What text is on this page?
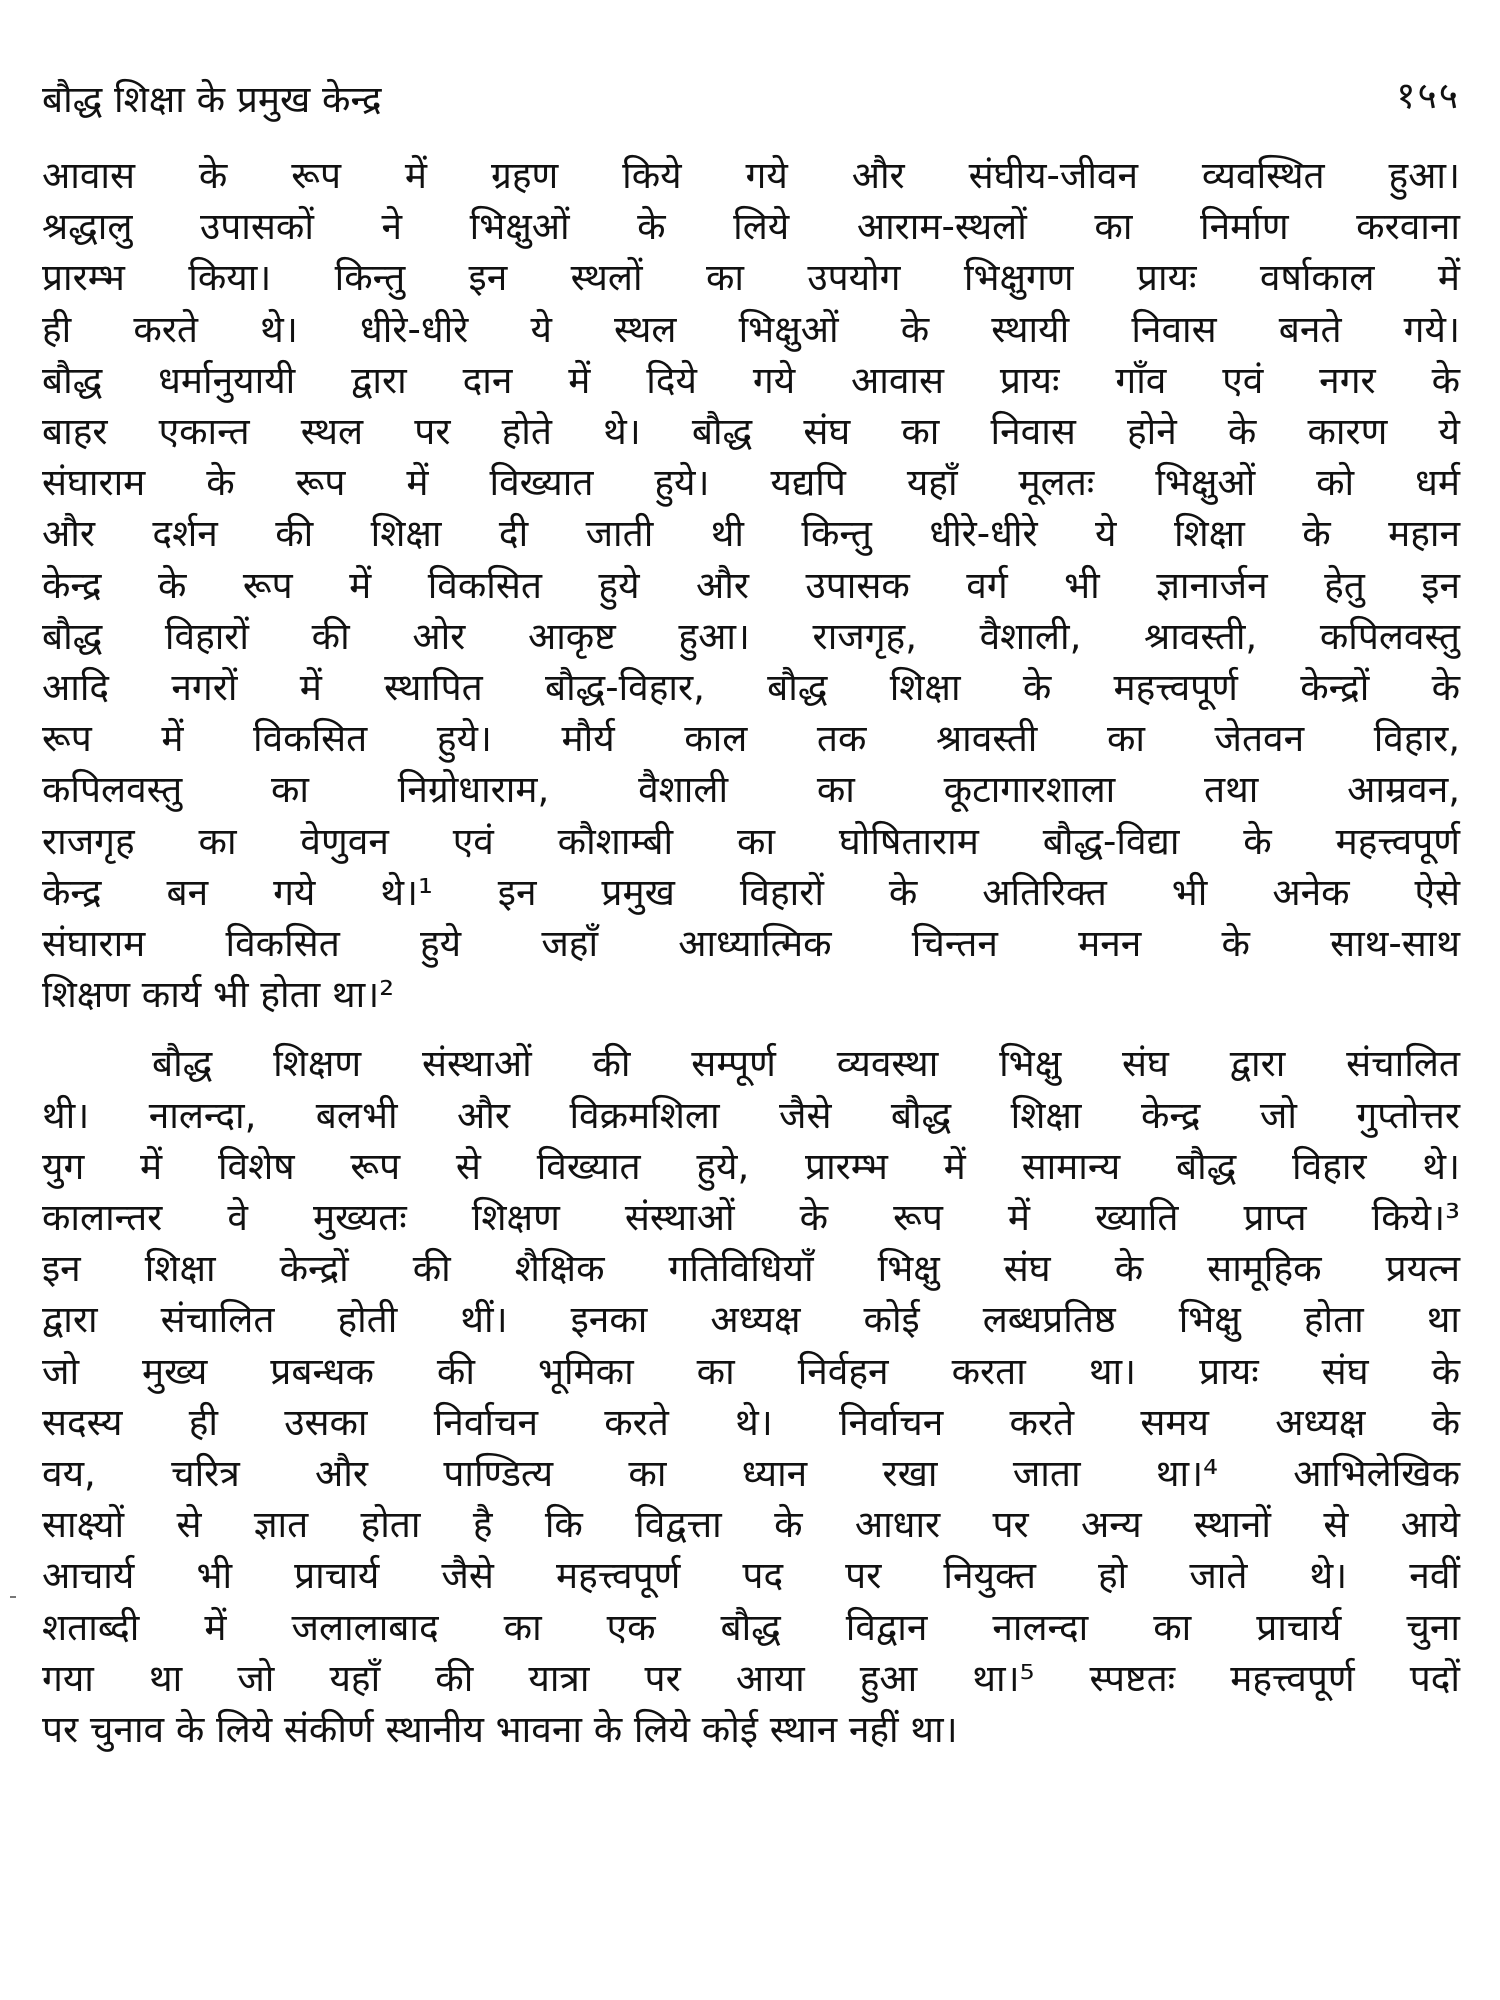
बौद्ध शिक्षा के प्रमुख केन्द्र	१५५
आवास के रूप में ग्रहण किये गये और संघीय-जीवन व्यवस्थित हुआ।
श्रद्धालु उपासकों ने भिक्षुओं के लिये आराम-स्थलों का निर्माण करवाना
प्रारम्भ किया। किन्तु इन स्थलों का उपयोग भिक्षुगण प्रायः वर्षाकाल में
ही करते थे। धीरे-धीरे ये स्थल भिक्षुओं के स्थायी निवास बनते गये।
बौद्ध धर्मानुयायी द्वारा दान में दिये गये आवास प्रायः गाँव एवं नगर के
बाहर एकान्त स्थल पर होते थे। बौद्ध संघ का निवास होने के कारण ये
संघाराम के रूप में विख्यात हुये। यद्यपि यहाँ मूलतः भिक्षुओं को धर्म
और दर्शन की शिक्षा दी जाती थी किन्तु धीरे-धीरे ये शिक्षा के महान
केन्द्र के रूप में विकसित हुये और उपासक वर्ग भी ज्ञानार्जन हेतु इन
बौद्ध विहारों की ओर आकृष्ट हुआ। राजगृह, वैशाली, श्रावस्ती, कपिलवस्तु
आदि नगरों में स्थापित बौद्ध-विहार, बौद्ध शिक्षा के महत्त्वपूर्ण केन्द्रों के
रूप में विकसित हुये। मौर्य काल तक श्रावस्ती का जेतवन विहार,
कपिलवस्तु का निग्रोधाराम, वैशाली का कूटागारशाला तथा आम्रवन,
राजगृह का वेणुवन एवं कौशाम्बी का घोषिताराम बौद्ध-विद्या के महत्त्वपूर्ण
केन्द्र बन गये थे।¹ इन प्रमुख विहारों के अतिरिक्त भी अनेक ऐसे
संघाराम विकसित हुये जहाँ आध्यात्मिक चिन्तन मनन के साथ-साथ
शिक्षण कार्य भी होता था।²
बौद्ध शिक्षण संस्थाओं की सम्पूर्ण व्यवस्था भिक्षु संघ द्वारा संचालित
थी। नालन्दा, बलभी और विक्रमशिला जैसे बौद्ध शिक्षा केन्द्र जो गुप्तोत्तर
युग में विशेष रूप से विख्यात हुये, प्रारम्भ में सामान्य बौद्ध विहार थे।
कालान्तर वे मुख्यतः शिक्षण संस्थाओं के रूप में ख्याति प्राप्त किये।³
इन शिक्षा केन्द्रों की शैक्षिक गतिविधियाँ भिक्षु संघ के सामूहिक प्रयत्न
द्वारा संचालित होती थीं। इनका अध्यक्ष कोई लब्धप्रतिष्ठ भिक्षु होता था
जो मुख्य प्रबन्धक की भूमिका का निर्वहन करता था। प्रायः संघ के
सदस्य ही उसका निर्वाचन करते थे। निर्वाचन करते समय अध्यक्ष के
वय, चरित्र और पाण्डित्य का ध्यान रखा जाता था।⁴ आभिलेखिक
साक्ष्यों से ज्ञात होता है कि विद्वत्ता के आधार पर अन्य स्थानों से आये
आचार्य भी प्राचार्य जैसे महत्त्वपूर्ण पद पर नियुक्त हो जाते थे। नवीं
शताब्दी में जलालाबाद का एक बौद्ध विद्वान नालन्दा का प्राचार्य चुना
गया था जो यहाँ की यात्रा पर आया हुआ था।⁵ स्पष्टतः महत्त्वपूर्ण पदों
पर चुनाव के लिये संकीर्ण स्थानीय भावना के लिये कोई स्थान नहीं था।
